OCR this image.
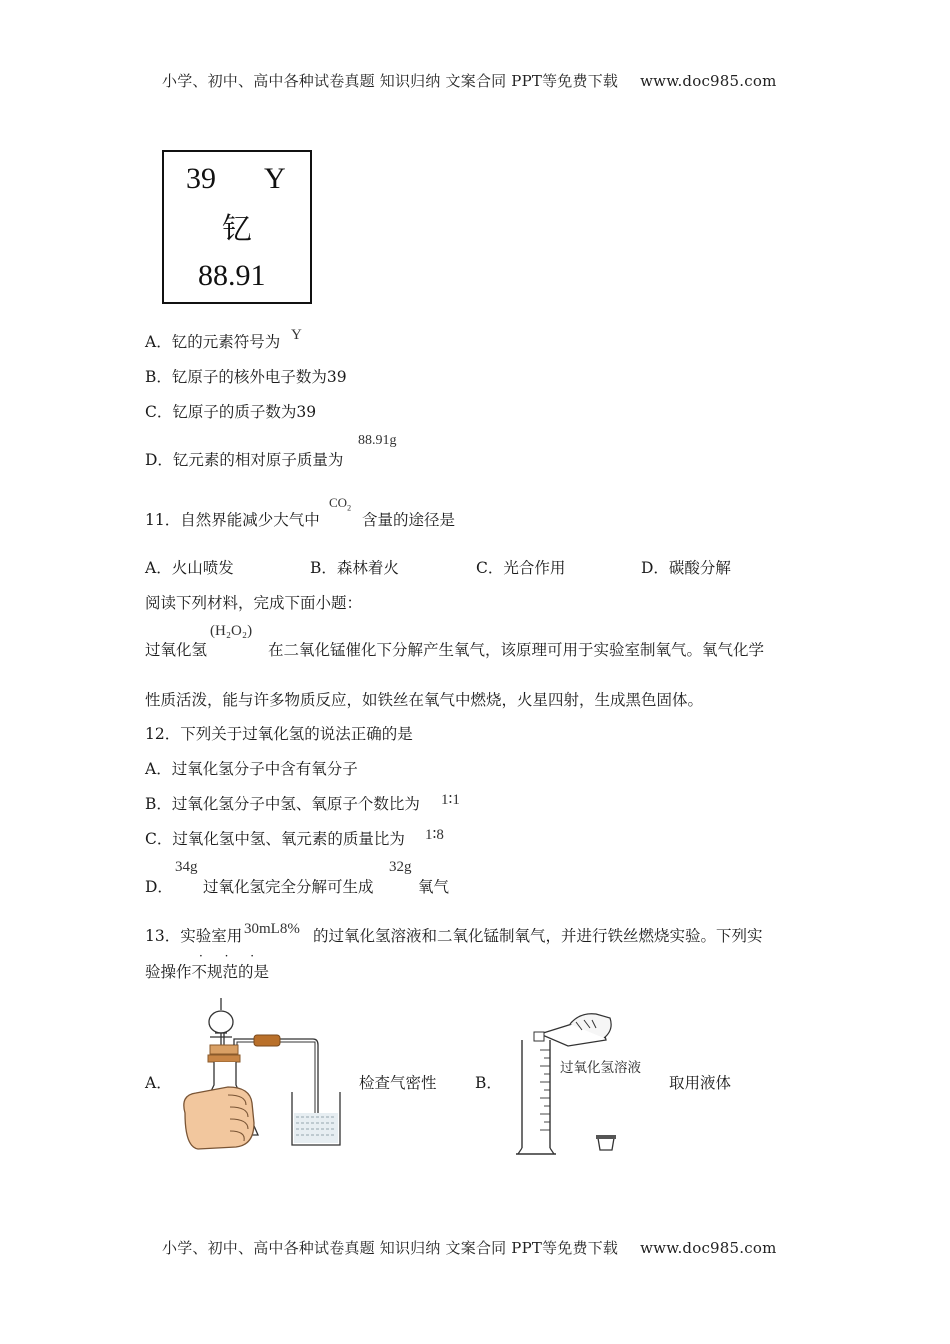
小学、初中、高中各种试卷真题 知识归纳 文案合同 PPT等免费下载 www.doc985.com
39 Y
钇
88.91
A．钇的元素符号为 Y
B．钇原子的核外电子数为39
C．钇原子的质子数为39
D．钇元素的相对原子质量为
88.91g
11．自然界能减少大气中
$CO_2$
含量的途径是
A．火山喷发	B．森林着火	C．光合作用	D．碳酸分解
阅读下列材料，完成下面小题：
过氧化氢
(H₂O₂)
在二氧化锰催化下分解产生氧气，该原理可用于实验室制氧气。氧气化学
性质活泼，能与许多物质反应，如铁丝在氧气中燃烧，火星四射，生成黑色固体。
12．下列关于过氧化氢的说法正确的是
A．过氧化氢分子中含有氧分子
B．过氧化氢分子中氢、氧原子个数比为 1∶1
C．过氧化氢中氢、氧元素的质量比为 1∶8
D．
34g
过氧化氢完全分解可生成
32g
氧气
13．实验室用 30mL8% 的过氧化氢溶液和二氧化锰制氧气，并进行铁丝燃烧实验。下列实
· · ·
验操作不规范的是
A．	检查气密性 B．
过氧化氢溶液
取用液体
小学、初中、高中各种试卷真题 知识归纳 文案合同 PPT等免费下载 www.doc985.com
